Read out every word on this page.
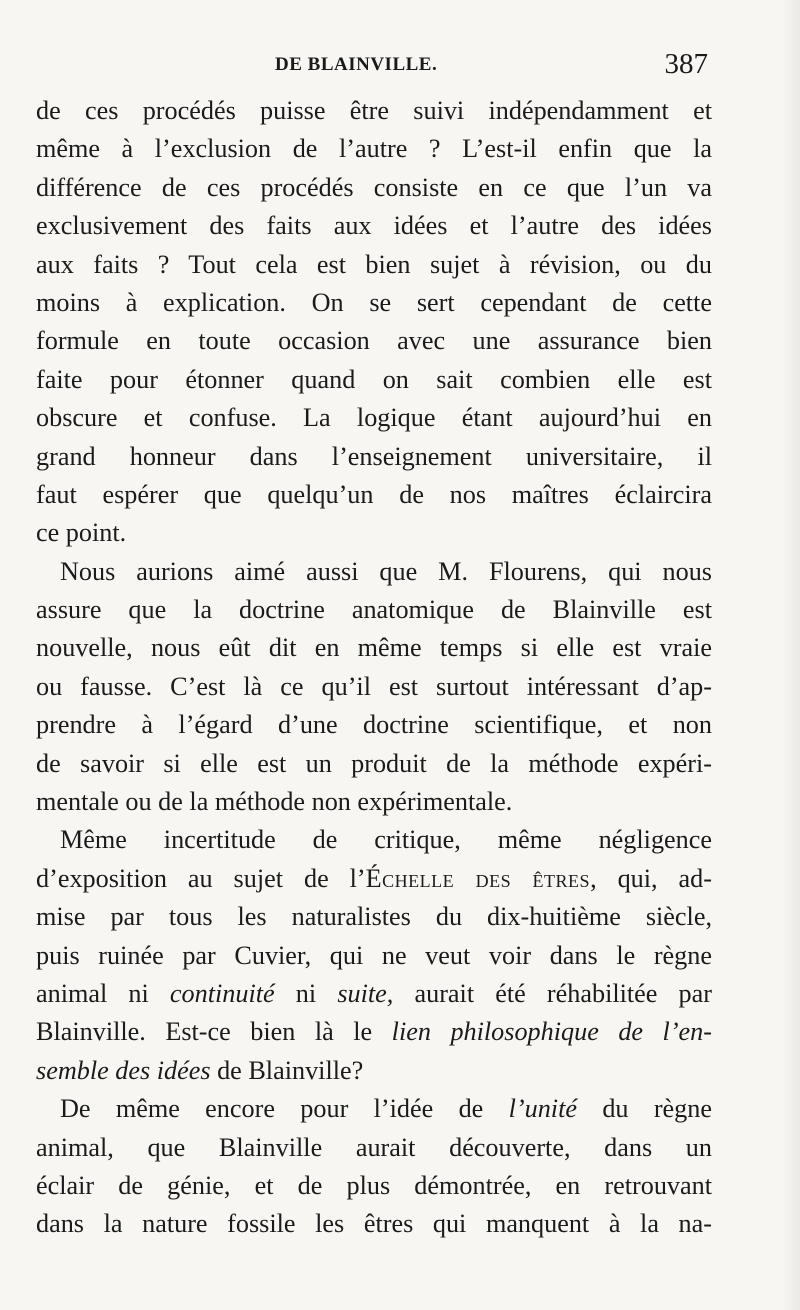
DE BLAINVILLE.	387
de ces procédés puisse être suivi indépendamment et
même à l’exclusion de l’autre ? L’est-il enfin que la
différence de ces procédés consiste en ce que l’un va
exclusivement des faits aux idées et l’autre des idées
aux faits ? Tout cela est bien sujet à révision, ou du
moins à explication. On se sert cependant de cette
formule en toute occasion avec une assurance bien
faite pour étonner quand on sait combien elle est
obscure et confuse. La logique étant aujourd’hui en
grand honneur dans l’enseignement universitaire, il
faut espérer que quelqu’un de nos maîtres éclaircira
ce point.
Nous aurions aimé aussi que M. Flourens, qui nous
assure que la doctrine anatomique de Blainville est
nouvelle, nous eût dit en même temps si elle est vraie
ou fausse. C’est là ce qu’il est surtout intéressant d’ap-
prendre à l’égard d’une doctrine scientifique, et non
de savoir si elle est un produit de la méthode expéri-
mentale ou de la méthode non expérimentale.
Même incertitude de critique, même négligence
d’exposition au sujet de l’Échelle des êtres, qui, ad-
mise par tous les naturalistes du dix-huitième siècle,
puis ruinée par Cuvier, qui ne veut voir dans le règne
animal ni continuité ni suite, aurait été réhabilitée par
Blainville. Est-ce bien là le lien philosophique de l’en-
semble des idées de Blainville?
De même encore pour l’idée de l’unité du règne
animal, que Blainville aurait découverte, dans un
éclair de génie, et de plus démontrée, en retrouvant
dans la nature fossile les êtres qui manquent à la na-
